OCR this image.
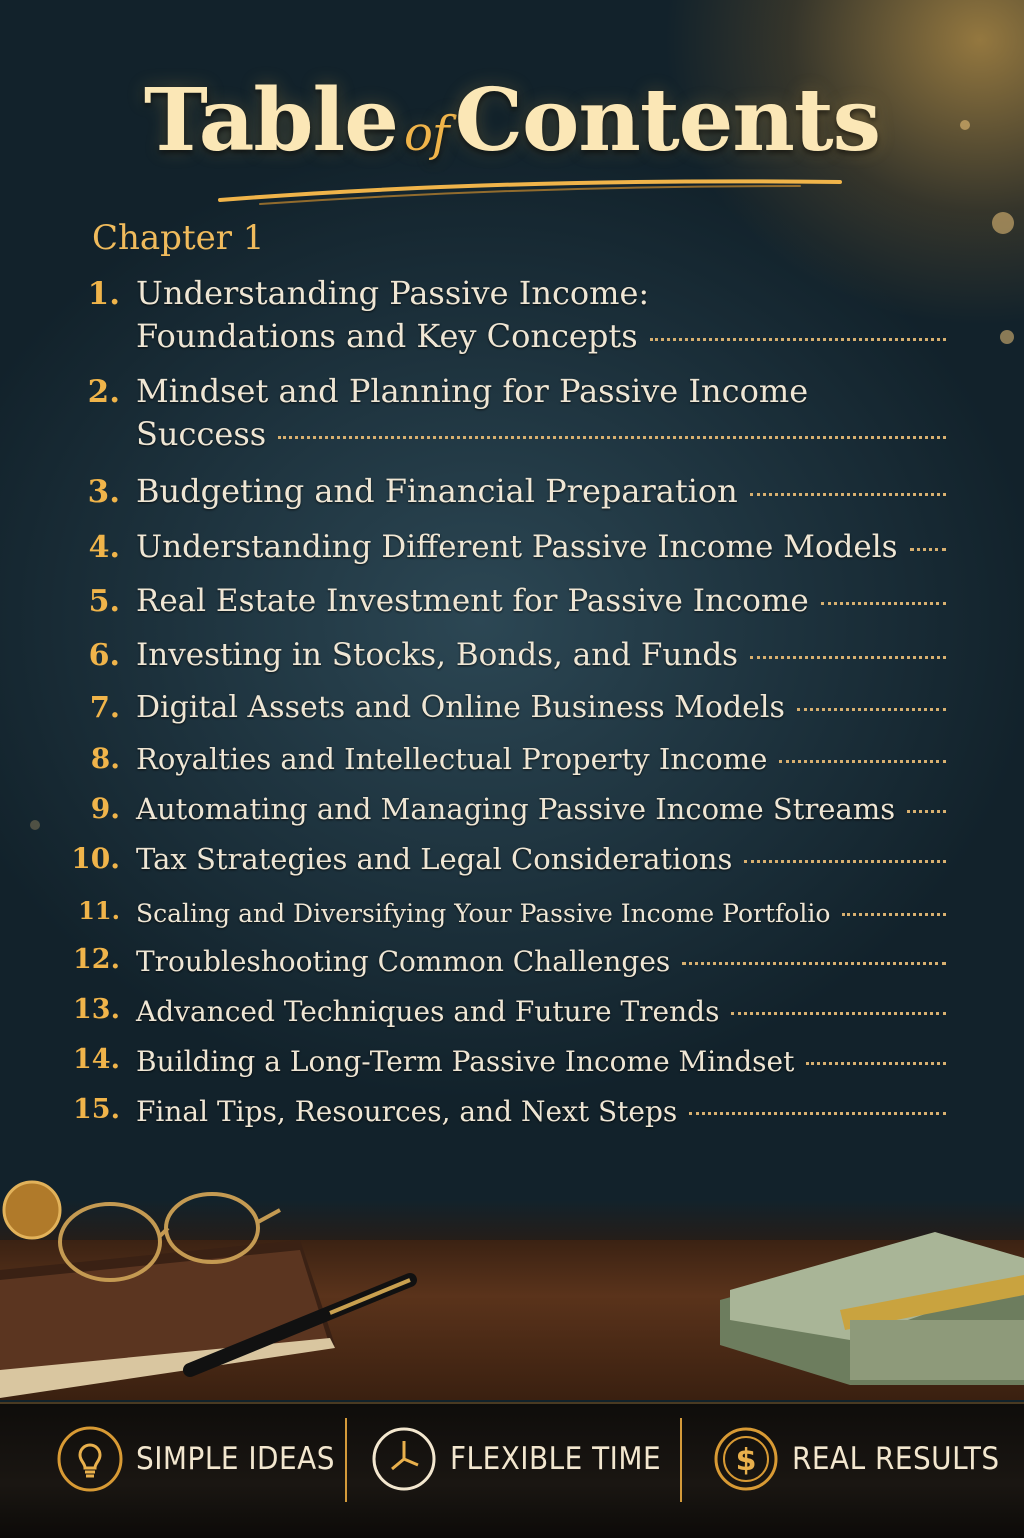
Table ofContents
Chapter 1
1. Understanding Passive Income:
Foundations and Key Concepts
2. Mindset and Planning for Passive Income
Success
3. Budgeting and Financial Preparation
4. Understanding Different Passive Income Models
5. Real Estate Investment for Passive Income
6. Investing in Stocks, Bonds, and Funds
7. Digital Assets and Online Business Models
8. Royalties and Intellectual Property Income
9. Automating and Managing Passive Income Streams
10. Tax Strategies and Legal Considerations
11. Scaling and Diversifying Your Passive Income Portfolio
12. Troubleshooting Common Challenges
13. Advanced Techniques and Future Trends
14. Building a Long-Term Passive Income Mindset
15. Final Tips, Resources, and Next Steps
SIMPLE IDEAS	FLEXIBLE TIME $ REAL RESULTS
